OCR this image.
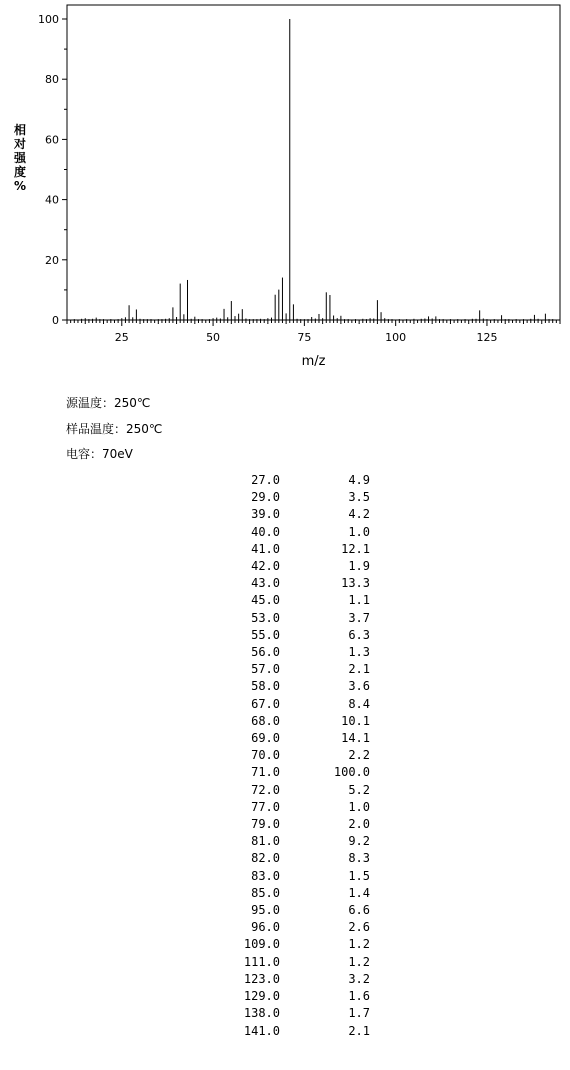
0
20
40
60
80
100
25	50	75	100	125
m/z
相对强度%
源温度：250℃
样品温度：250℃
电容：70eV
27.0	4.9
29.0	3.5
39.0	4.2
40.0	1.0
41.0	12.1
42.0	1.9
43.0	13.3
45.0	1.1
53.0	3.7
55.0	6.3
56.0	1.3
57.0	2.1
58.0	3.6
67.0	8.4
68.0	10.1
69.0	14.1
70.0	2.2
71.0	100.0
72.0	5.2
77.0	1.0
79.0	2.0
81.0	9.2
82.0	8.3
83.0	1.5
85.0	1.4
95.0	6.6
96.0	2.6
109.0	1.2
111.0	1.2
123.0	3.2
129.0	1.6
138.0	1.7
141.0	2.1
